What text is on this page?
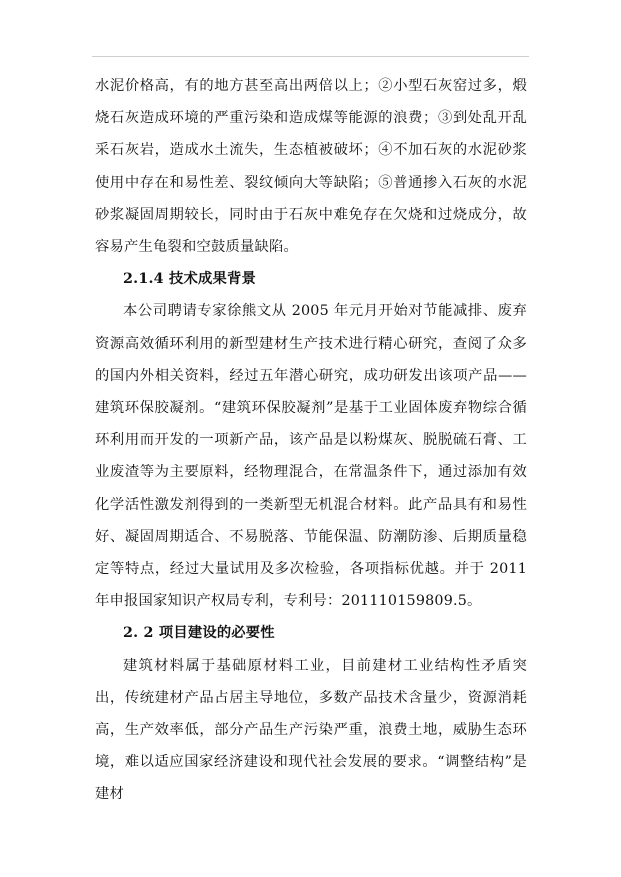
水泥价格高，有的地方甚至高出两倍以上；②小型石灰窑过多，煅烧石灰造成环境的严重污染和造成煤等能源的浪费；③到处乱开乱采石灰岩，造成水土流失，生态植被破坏；④不加石灰的水泥砂浆使用中存在和易性差、裂纹倾向大等缺陷；⑤普通掺入石灰的水泥砂浆凝固周期较长，同时由于石灰中难免存在欠烧和过烧成分，故容易产生龟裂和空鼓质量缺陷。

2.1.4 技术成果背景

本公司聘请专家徐熊文从 2005 年元月开始对节能减排、废弃资源高效循环利用的新型建材生产技术进行精心研究，查阅了众多的国内外相关资料，经过五年潜心研究，成功研发出该项产品——建筑环保胶凝剂。“建筑环保胶凝剂”是基于工业固体废弃物综合循环利用而开发的一项新产品，该产品是以粉煤灰、脱脱硫石膏、工业废渣等为主要原料，经物理混合，在常温条件下，通过添加有效化学活性激发剂得到的一类新型无机混合材料。此产品具有和易性好、凝固周期适合、不易脱落、节能保温、防潮防渗、后期质量稳定等特点，经过大量试用及多次检验，各项指标优越。并于 2011 年申报国家知识产权局专利，专利号：201110159809.5。

2. 2 项目建设的必要性

建筑材料属于基础原材料工业，目前建材工业结构性矛盾突出，传统建材产品占居主导地位，多数产品技术含量少，资源消耗高，生产效率低，部分产品生产污染严重，浪费土地，威胁生态环境，难以适应国家经济建设和现代社会发展的要求。“调整结构”是建材
